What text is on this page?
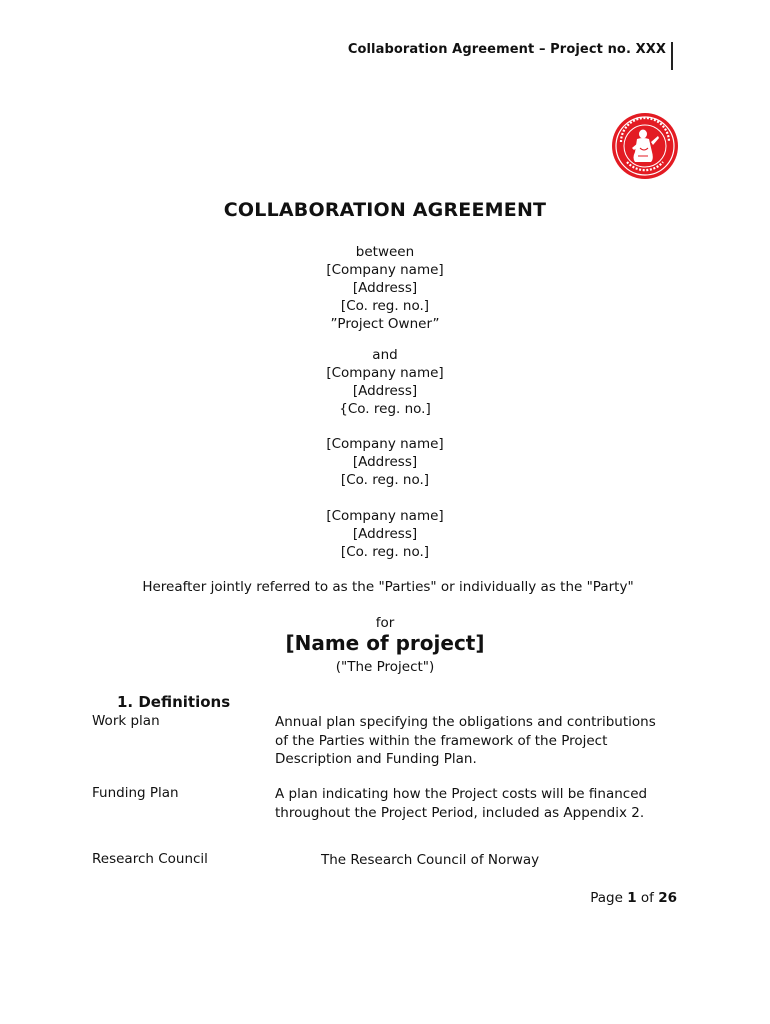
Collaboration Agreement – Project no. XXX
COLLABORATION AGREEMENT

between

[Company name]

[Address]

[Co. reg. no.]

”Project Owner”

and

[Company name]

[Address]

{Co. reg. no.]

[Company name]

[Address]

[Co. reg. no.]

[Company name]

[Address]

[Co. reg. no.]

Hereafter jointly referred to as the "Parties" or individually as the "Party"
for
[Name of project]
("The Project")
1. Definitions
Work plan	Annual plan specifying the obligations and contributions

of the Parties within the framework of the Project

Description and Funding Plan.

Funding Plan	A plan indicating how the Project costs will be financed

throughout the Project Period, included as Appendix 2.

Research Council	The Research Council of Norway

Page 1 of 26
